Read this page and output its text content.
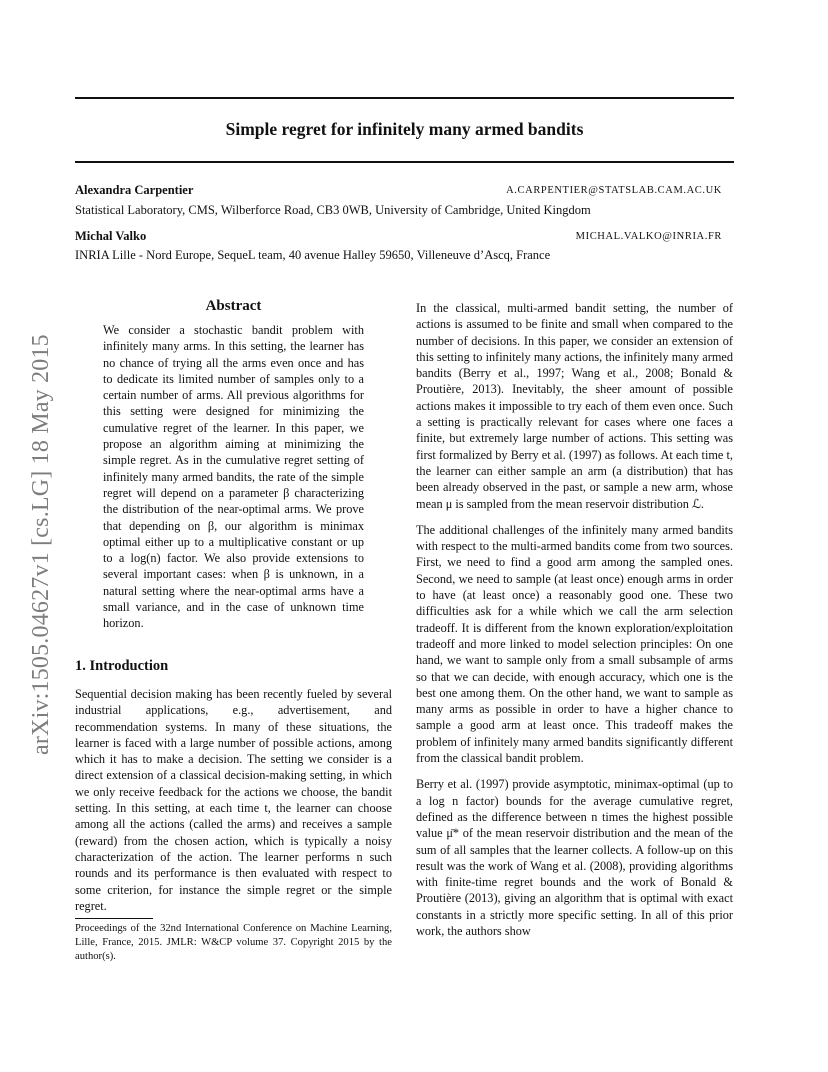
arXiv:1505.04627v1 [cs.LG] 18 May 2015
Simple regret for infinitely many armed bandits
Alexandra Carpentier	A.CARPENTIER@STATSLAB.CAM.AC.UK
Statistical Laboratory, CMS, Wilberforce Road, CB3 0WB, University of Cambridge, United Kingdom
Michal Valko	MICHAL.VALKO@INRIA.FR
INRIA Lille - Nord Europe, SequeL team, 40 avenue Halley 59650, Villeneuve d’Ascq, France
Abstract
We consider a stochastic bandit problem with infinitely many arms. In this setting, the learner has no chance of trying all the arms even once and has to dedicate its limited number of samples only to a certain number of arms. All previous algorithms for this setting were designed for minimizing the cumulative regret of the learner. In this paper, we propose an algorithm aiming at minimizing the simple regret. As in the cumulative regret setting of infinitely many armed bandits, the rate of the simple regret will depend on a parameter β characterizing the distribution of the near-optimal arms. We prove that depending on β, our algorithm is minimax optimal either up to a multiplicative constant or up to a log(n) factor. We also provide extensions to several important cases: when β is unknown, in a natural setting where the near-optimal arms have a small variance, and in the case of unknown time horizon.
1. Introduction
Sequential decision making has been recently fueled by several industrial applications, e.g., advertisement, and recommendation systems. In many of these situations, the learner is faced with a large number of possible actions, among which it has to make a decision. The setting we consider is a direct extension of a classical decision-making setting, in which we only receive feedback for the actions we choose, the bandit setting. In this setting, at each time t, the learner can choose among all the actions (called the arms) and receives a sample (reward) from the chosen action, which is typically a noisy characterization of the action. The learner performs n such rounds and its performance is then evaluated with respect to some criterion, for instance the simple regret or the simple regret.
Proceedings of the 32nd International Conference on Machine Learning, Lille, France, 2015. JMLR: W&CP volume 37. Copyright 2015 by the author(s).

In the classical, multi-armed bandit setting, the number of actions is assumed to be finite and small when compared to the number of decisions. In this paper, we consider an extension of this setting to infinitely many actions, the infinitely many armed bandits (Berry et al., 1997; Wang et al., 2008; Bonald & Proutière, 2013). Inevitably, the sheer amount of possible actions makes it impossible to try each of them even once. Such a setting is practically relevant for cases where one faces a finite, but extremely large number of actions. This setting was first formalized by Berry et al. (1997) as follows. At each time t, the learner can either sample an arm (a distribution) that has been already observed in the past, or sample a new arm, whose mean μ is sampled from the mean reservoir distribution ℒ.

The additional challenges of the infinitely many armed bandits with respect to the multi-armed bandits come from two sources. First, we need to find a good arm among the sampled ones. Second, we need to sample (at least once) enough arms in order to have (at least once) a reasonably good one. These two difficulties ask for a while which we call the arm selection tradeoff. It is different from the known exploration/exploitation tradeoff and more linked to model selection principles: On one hand, we want to sample only from a small subsample of arms so that we can decide, with enough accuracy, which one is the best one among them. On the other hand, we want to sample as many arms as possible in order to have a higher chance to sample a good arm at least once. This tradeoff makes the problem of infinitely many armed bandits significantly different from the classical bandit problem.

Berry et al. (1997) provide asymptotic, minimax-optimal (up to a log n factor) bounds for the average cumulative regret, defined as the difference between n times the highest possible value μ̄* of the mean reservoir distribution and the mean of the sum of all samples that the learner collects. A follow-up on this result was the work of Wang et al. (2008), providing algorithms with finite-time regret bounds and the work of Bonald & Proutière (2013), giving an algorithm that is optimal with exact constants in a strictly more specific setting. In all of this prior work, the authors show
